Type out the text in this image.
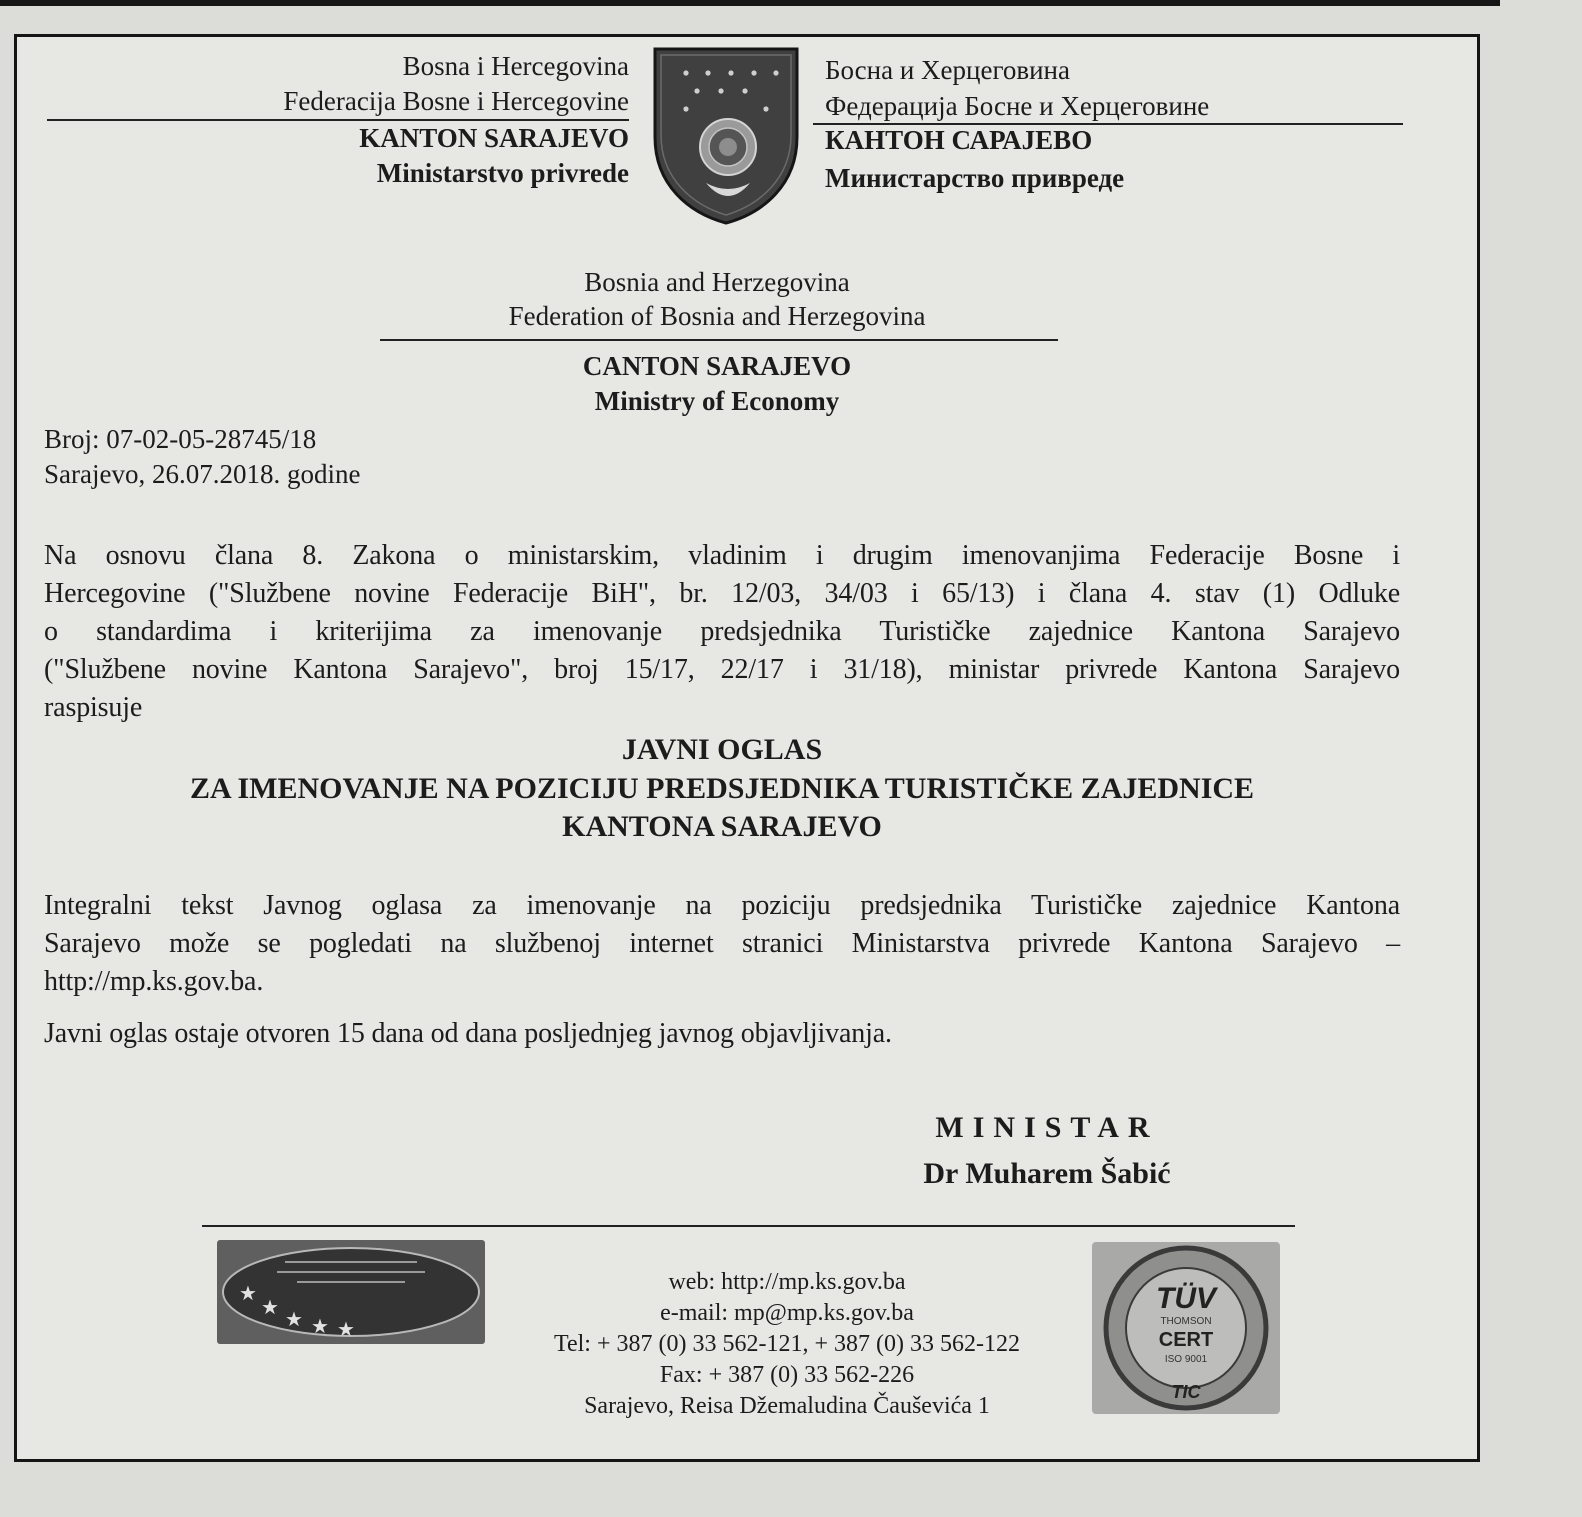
Bosna i Hercegovina
Federacija Bosne i Hercegovine
KANTON SARAJEVO
Ministarstvo privrede
Босна и Херцеговина
Федерација Босне и Херцеговине
КАНТОН САРАЈЕВО
Министарство привреде
Bosnia and Herzegovina
Federation of Bosnia and Herzegovina
CANTON SARAJEVO
Ministry of Economy
Broj: 07-02-05-28745/18
Sarajevo, 26.07.2018. godine
Na osnovu člana 8. Zakona o ministarskim, vladinim i drugim imenovanjima Federacije Bosne i
Hercegovine ("Službene novine Federacije BiH", br. 12/03, 34/03 i 65/13) i člana 4. stav (1) Odluke
o standardima i kriterijima za imenovanje predsjednika Turističke zajednice Kantona Sarajevo
("Službene novine Kantona Sarajevo", broj 15/17, 22/17 i 31/18), ministar privrede Kantona Sarajevo
raspisuje
JAVNI OGLAS
ZA IMENOVANJE NA POZICIJU PREDSJEDNIKA TURISTIČKE ZAJEDNICE
KANTONA SARAJEVO
Integralni tekst Javnog oglasa za imenovanje na poziciju predsjednika Turističke zajednice Kantona
Sarajevo može se pogledati na službenoj internet stranici Ministarstva privrede Kantona Sarajevo –
http://mp.ks.gov.ba.
Javni oglas ostaje otvoren 15 dana od dana posljednjeg javnog objavljivanja.
MINISTAR
Dr Muharem Šabić
★
★ ★ ★ ★
web: http://mp.ks.gov.ba
e-mail: mp@mp.ks.gov.ba
Tel: + 387 (0) 33 562-121, + 387 (0) 33 562-122
Fax: + 387 (0) 33 562-226
Sarajevo, Reisa Džemaludina Čauševića 1
TÜV
THOMSON
CERT
ISO 9001
TIC
